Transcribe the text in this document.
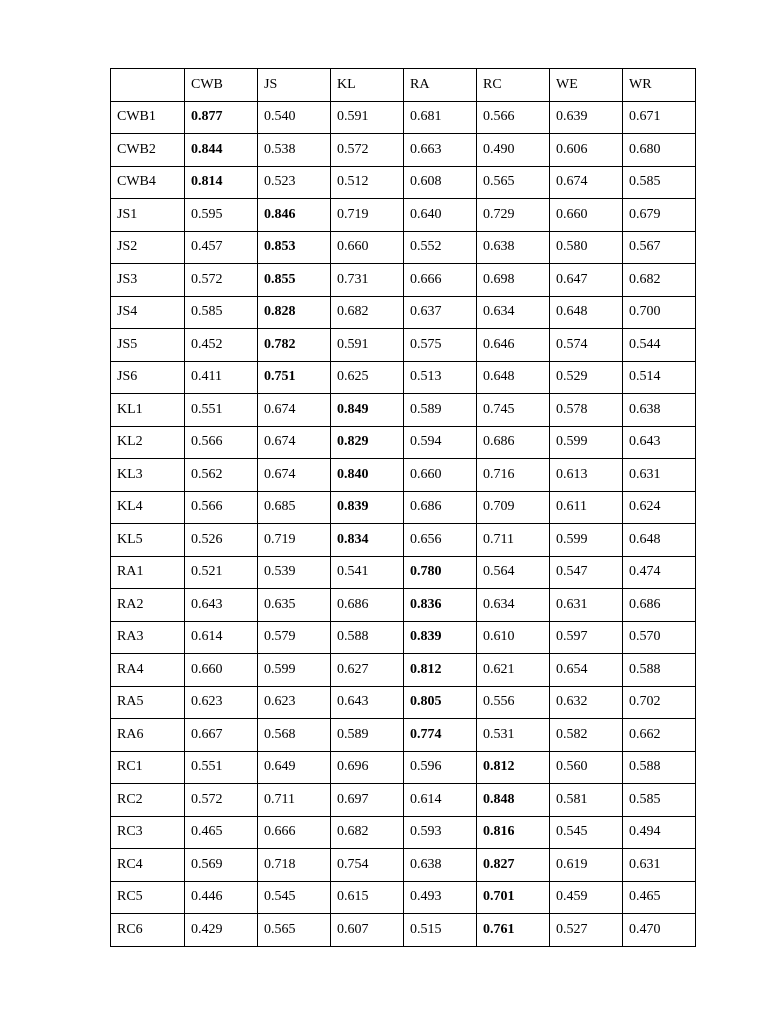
	CWB	JS	KL	RA	RC	WE	WR
CWB1	0.877	0.540	0.591	0.681	0.566	0.639	0.671
CWB2	0.844	0.538	0.572	0.663	0.490	0.606	0.680
CWB4	0.814	0.523	0.512	0.608	0.565	0.674	0.585
JS1	0.595	0.846	0.719	0.640	0.729	0.660	0.679
JS2	0.457	0.853	0.660	0.552	0.638	0.580	0.567
JS3	0.572	0.855	0.731	0.666	0.698	0.647	0.682
JS4	0.585	0.828	0.682	0.637	0.634	0.648	0.700
JS5	0.452	0.782	0.591	0.575	0.646	0.574	0.544
JS6	0.411	0.751	0.625	0.513	0.648	0.529	0.514
KL1	0.551	0.674	0.849	0.589	0.745	0.578	0.638
KL2	0.566	0.674	0.829	0.594	0.686	0.599	0.643
KL3	0.562	0.674	0.840	0.660	0.716	0.613	0.631
KL4	0.566	0.685	0.839	0.686	0.709	0.611	0.624
KL5	0.526	0.719	0.834	0.656	0.711	0.599	0.648
RA1	0.521	0.539	0.541	0.780	0.564	0.547	0.474
RA2	0.643	0.635	0.686	0.836	0.634	0.631	0.686
RA3	0.614	0.579	0.588	0.839	0.610	0.597	0.570
RA4	0.660	0.599	0.627	0.812	0.621	0.654	0.588
RA5	0.623	0.623	0.643	0.805	0.556	0.632	0.702
RA6	0.667	0.568	0.589	0.774	0.531	0.582	0.662
RC1	0.551	0.649	0.696	0.596	0.812	0.560	0.588
RC2	0.572	0.711	0.697	0.614	0.848	0.581	0.585
RC3	0.465	0.666	0.682	0.593	0.816	0.545	0.494
RC4	0.569	0.718	0.754	0.638	0.827	0.619	0.631
RC5	0.446	0.545	0.615	0.493	0.701	0.459	0.465
RC6	0.429	0.565	0.607	0.515	0.761	0.527	0.470
